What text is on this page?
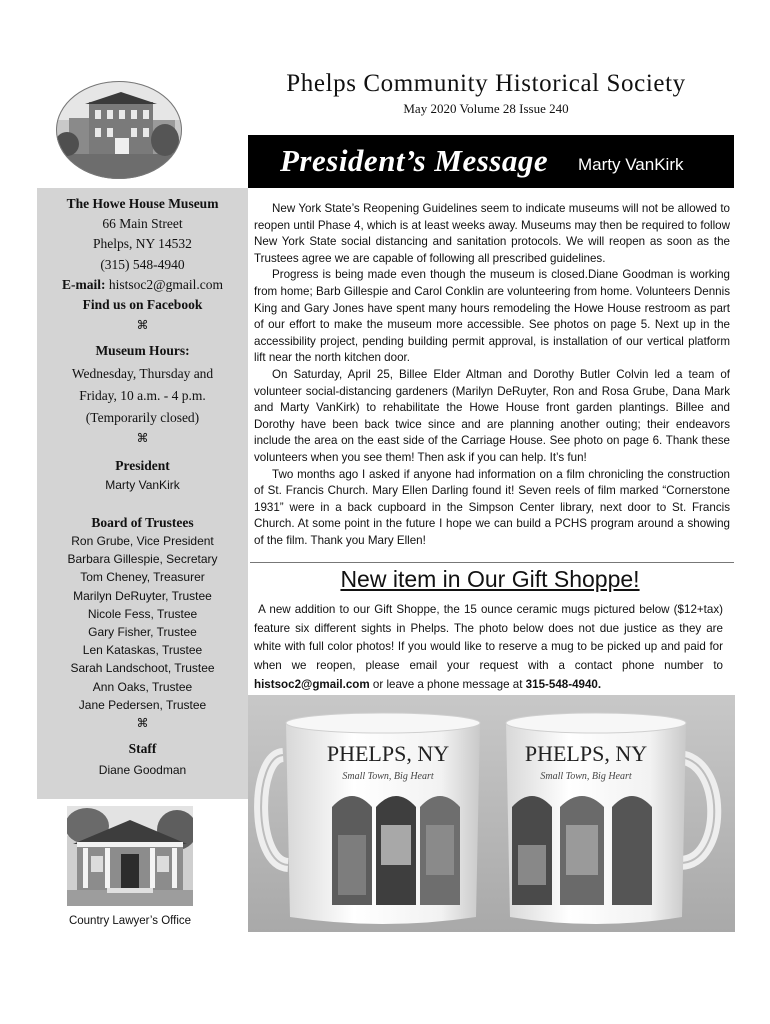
Phelps Community Historical Society
May 2020 Volume 28 Issue 240
President’s Message Marty VanKirk
The Howe House Museum
66 Main Street
Phelps, NY 14532
(315) 548-4940
E-mail: histsoc2@gmail.com
Find us on Facebook
⌘
Museum Hours:
Wednesday, Thursday and
Friday, 10 a.m. - 4 p.m.
(Temporarily closed)
⌘
President
Marty VanKirk
Board of Trustees
Ron Grube, Vice President
Barbara Gillespie, Secretary
Tom Cheney, Treasurer
Marilyn DeRuyter, Trustee
Nicole Fess, Trustee
Gary Fisher, Trustee
Len Kataskas, Trustee
Sarah Landschoot, Trustee
Ann Oaks, Trustee
Jane Pedersen, Trustee
⌘
Staff
Diane Goodman
Country Lawyer’s Office

New York State’s Reopening Guidelines seem to indicate museums will not be allowed to reopen until Phase 4, which is at least weeks away. Museums may then be required to follow New York State social distancing and sanitation protocols. We will reopen as soon as the Trustees agree we are capable of following all prescribed guidelines.

Progress is being made even though the museum is closed.Diane Goodman is working from home; Barb Gillespie and Carol Conklin are volunteering from home. Volunteers Dennis King and Gary Jones have spent many hours remodeling the Howe House restroom as part of our effort to make the museum more accessible. See photos on page 5. Next up in the accessibility project, pending building permit approval, is installation of our vertical platform lift near the north kitchen door.

On Saturday, April 25, Billee Elder Altman and Dorothy Butler Colvin led a team of volunteer social-distancing gardeners (Marilyn DeRuyter, Ron and Rosa Grube, Dana Mark and Marty VanKirk) to rehabilitate the Howe House front garden plantings. Billee and Dorothy have been back twice since and are planning another outing; their endeavors include the area on the east side of the Carriage House. See photo on page 6. Thank these volunteers when you see them! Then ask if you can help. It’s fun!

Two months ago I asked if anyone had information on a film chronicling the construction of St. Francis Church. Mary Ellen Darling found it! Seven reels of film marked “Cornerstone 1931” were in a back cupboard in the Simpson Center library, next door to St. Francis Church. At some point in the future I hope we can build a PCHS program around a showing of the film. Thank you Mary Ellen!

New item in Our Gift Shoppe!
A new addition to our Gift Shoppe, the 15 ounce ceramic mugs pictured below ($12+tax) feature six different sights in Phelps. The photo below does not due justice as they are white with full color photos! If you would like to reserve a mug to be picked up and paid for when we reopen, please email your request with a contact phone number to histsoc2@gmail.com or leave a phone message at 315-548-4940.
PHELPS, NY
Small Town, Big Heart
PHELPS, NY
Small Town, Big Heart
